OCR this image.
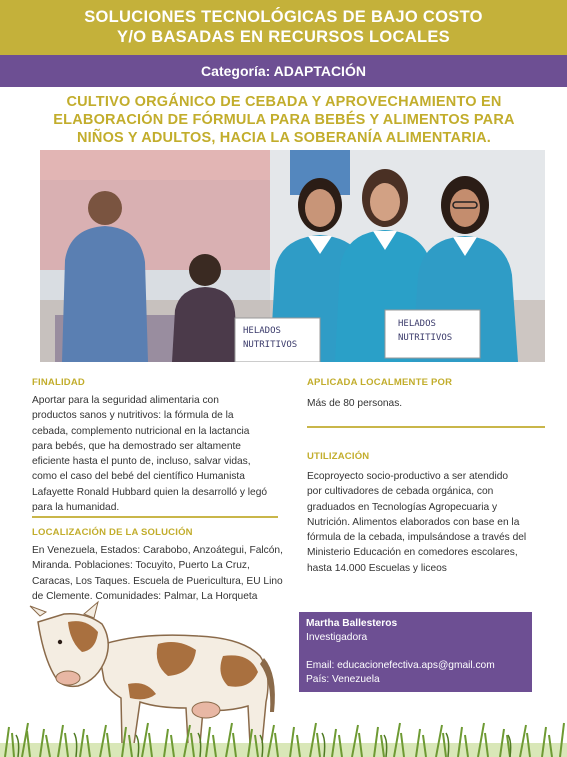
SOLUCIONES TECNOLÓGICAS DE BAJO COSTO
Y/O BASADAS EN RECURSOS LOCALES
Categoría: ADAPTACIÓN
CULTIVO ORGÁNICO DE CEBADA Y APROVECHAMIENTO EN
ELABORACIÓN DE FÓRMULA PARA BEBÉS Y ALIMENTOS PARA
NIÑOS Y ADULTOS, HACIA LA SOBERANÍA ALIMENTARIA.
HELADOS
NUTRITIVOS
HELADOS
NUTRITIVOS
FINALIDAD
Aportar para la seguridad alimentaria con
productos sanos y nutritivos: la fórmula de la
cebada, complemento nutricional en la lactancia
para bebés, que ha demostrado ser altamente
eficiente hasta el punto de, incluso, salvar vidas,
como el caso del bebé del científico Humanista
Lafayette Ronald Hubbard quien la desarrolló y legó
para la humanidad.
LOCALIZACIÓN DE LA SOLUCIÓN
En Venezuela, Estados: Carabobo, Anzoátegui, Falcón,
Miranda. Poblaciones: Tocuyito, Puerto La Cruz,
Caracas, Los Taques. Escuela de Puericultura, EU Lino
de Clemente. Comunidades: Palmar, La Horqueta
APLICADA LOCALMENTE POR
Más de 80 personas.
UTILIZACIÓN
Ecoproyecto socio-productivo a ser atendido
por cultivadores de cebada orgánica, con
graduados en Tecnologías Agropecuaria y
Nutrición. Alimentos elaborados con base en la
fórmula de la cebada, impulsándose a través del
Ministerio Educación en comedores escolares,
hasta 14.000 Escuelas y liceos
Martha Ballesteros
Investigadora
Email: educacionefectiva.aps@gmail.com
País: Venezuela
